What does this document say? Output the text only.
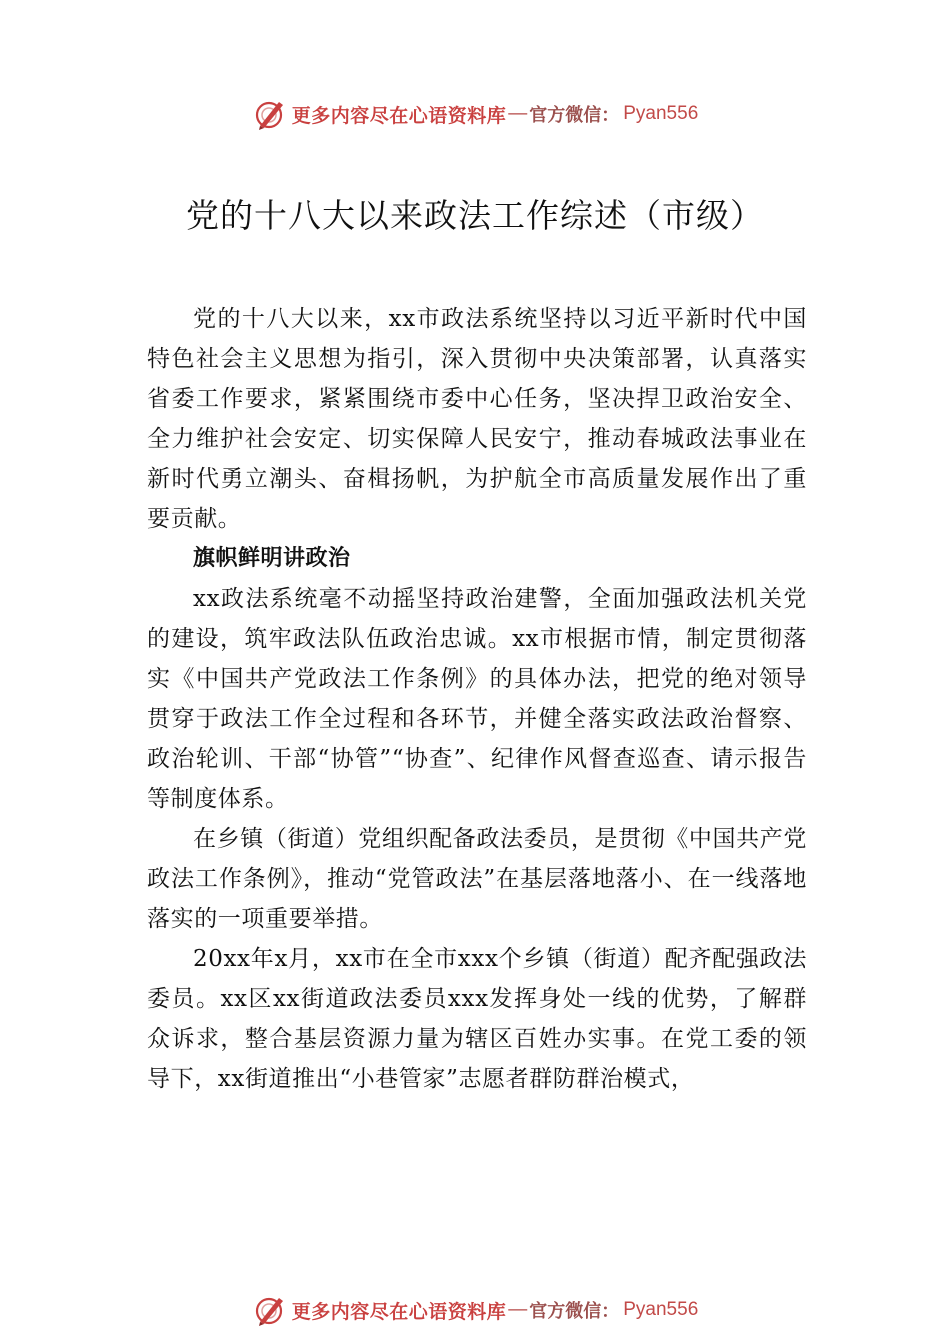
更多内容尽在心语资料库 — 官方微信： Pyan556
党的十八大以来政法工作综述（市级）

党的十八大以来，xx市政法系统坚持以习近平新时代中国特色社会主义思想为指引，深入贯彻中央决策部署，认真落实省委工作要求，紧紧围绕市委中心任务，坚决捍卫政治安全、全力维护社会安定、切实保障人民安宁，推动春城政法事业在新时代勇立潮头、奋楫扬帆，为护航全市高质量发展作出了重要贡献。

旗帜鲜明讲政治

xx政法系统毫不动摇坚持政治建警，全面加强政法机关党的建设，筑牢政法队伍政治忠诚。xx市根据市情，制定贯彻落实《中国共产党政法工作条例》的具体办法，把党的绝对领导贯穿于政法工作全过程和各环节，并健全落实政法政治督察、政治轮训、干部“协管”“协查”、纪律作风督查巡查、请示报告等制度体系。

在乡镇（街道）党组织配备政法委员，是贯彻《中国共产党政法工作条例》，推动“党管政法”在基层落地落小、在一线落地落实的一项重要举措。

20xx年x月，xx市在全市xxx个乡镇（街道）配齐配强政法委员。xx区xx街道政法委员xxx发挥身处一线的优势，了解群众诉求，整合基层资源力量为辖区百姓办实事。在党工委的领导下，xx街道推出“小巷管家”志愿者群防群治模式，

更多内容尽在心语资料库 — 官方微信： Pyan556
